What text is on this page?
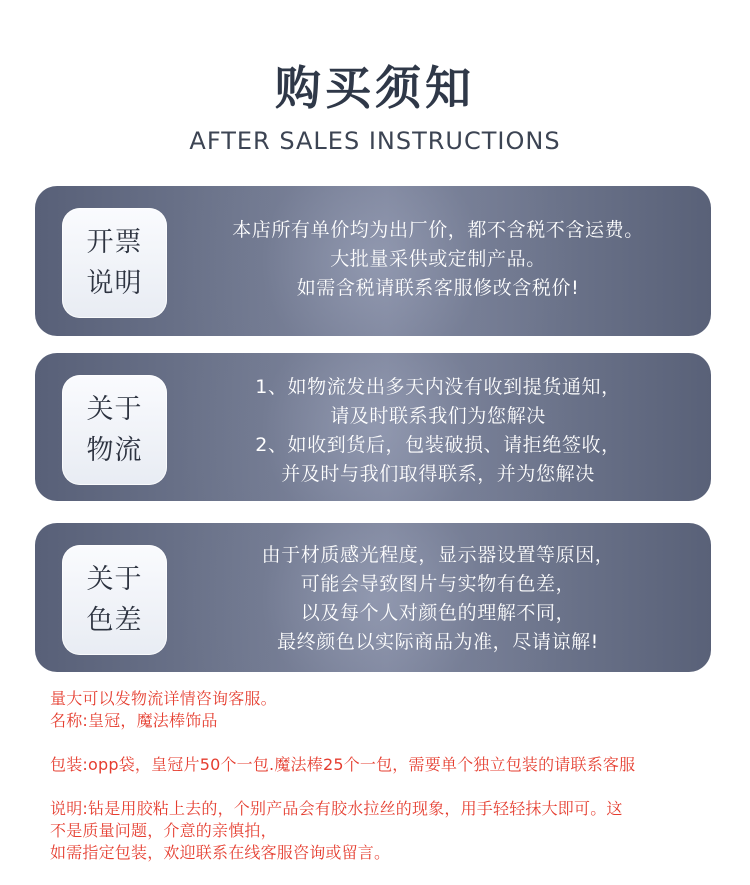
购买须知
AFTER SALES INSTRUCTIONS
开票
说明
本店所有单价均为出厂价，都不含税不含运费。
大批量采供或定制产品。
如需含税请联系客服修改含税价!
关于
物流
1、如物流发出多天内没有收到提货通知，
请及时联系我们为您解决
2、如收到货后，包装破损、请拒绝签收，
并及时与我们取得联系，并为您解决
关于
色差
由于材质感光程度，显示器设置等原因，
可能会导致图片与实物有色差，
以及每个人对颜色的理解不同，
最终颜色以实际商品为准，尽请谅解!
量大可以发物流详情咨询客服。
名称:皇冠，魔法棒饰品
包装:opp袋，皇冠片50个一包.魔法棒25个一包，需要单个独立包装的请联系客服
说明:钻是用胶粘上去的，个别产品会有胶水拉丝的现象，用手轻轻抹大即可。这
不是质量问题，介意的亲慎拍，
如需指定包装，欢迎联系在线客服咨询或留言。
